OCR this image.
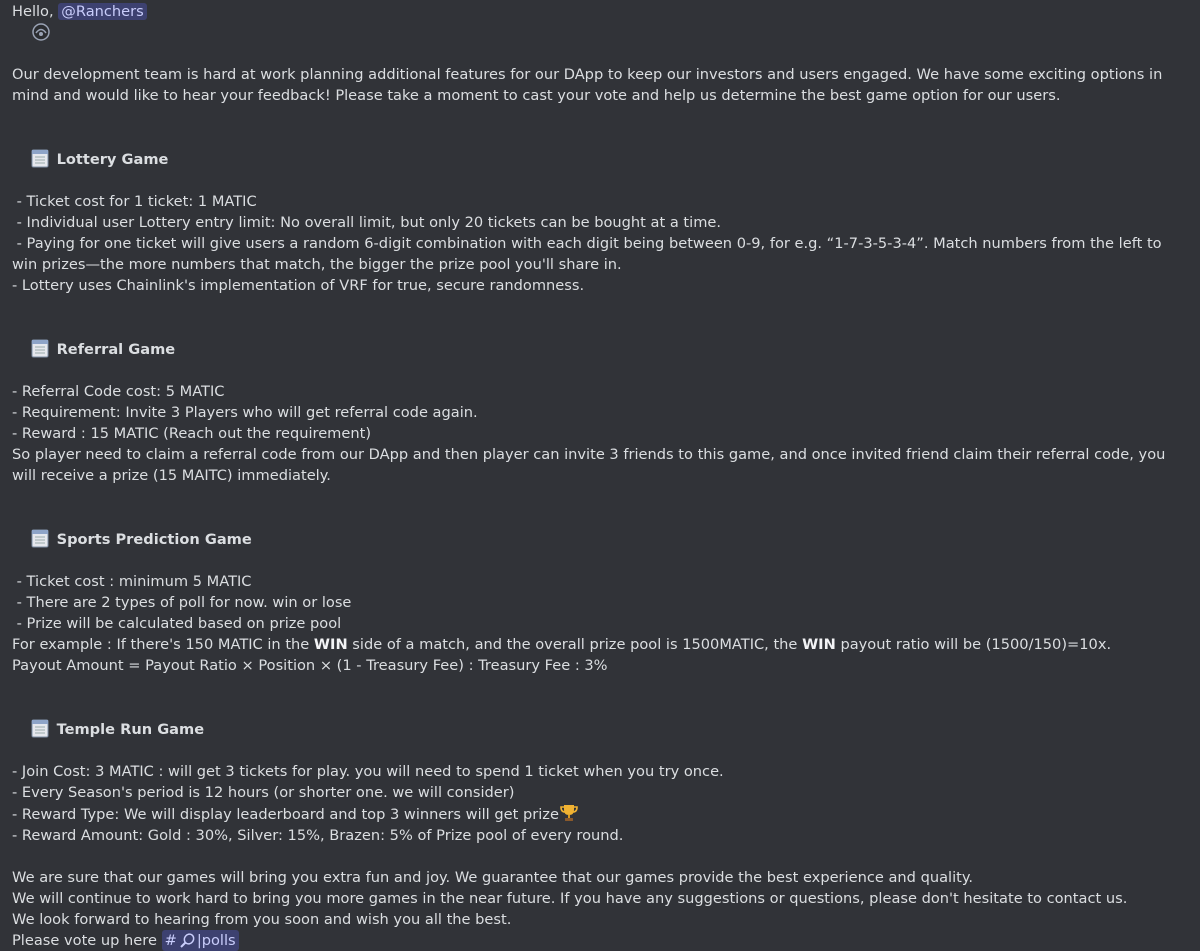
Hello, @Ranchers

Our development team is hard at work planning additional features for our DApp to keep our investors and users engaged. We have some exciting options in mind and would like to hear your feedback! Please take a moment to cast your vote and help us determine the best game option for our users.

Lottery Game

- Ticket cost for 1 ticket: 1 MATIC
- Individual user Lottery entry limit: No overall limit, but only 20 tickets can be bought at a time.
- Paying for one ticket will give users a random 6-digit combination with each digit being between 0-9, for e.g. “1-7-3-5-3-4”. Match numbers from the left to win prizes—the more numbers that match, the bigger the prize pool you'll share in.
- Lottery uses Chainlink's implementation of VRF for true, secure randomness.

Referral Game

- Referral Code cost: 5 MATIC
- Requirement: Invite 3 Players who will get referral code again.
- Reward : 15 MATIC (Reach out the requirement)
So player need to claim a referral code from our DApp and then player can invite 3 friends to this game, and once invited friend claim their referral code, you will receive a prize (15 MAITC) immediately.

Sports Prediction Game

- Ticket cost : minimum 5 MATIC
- There are 2 types of poll for now. win or lose
- Prize will be calculated based on prize pool
For example : If there's 150 MATIC in the WIN side of a match, and the overall prize pool is 1500MATIC, the WIN payout ratio will be (1500/150)=10x.
Payout Amount = Payout Ratio × Position × (1 - Treasury Fee) : Treasury Fee : 3%

Temple Run Game

- Join Cost: 3 MATIC : will get 3 tickets for play. you will need to spend 1 ticket when you try once.
- Every Season's period is 12 hours (or shorter one. we will consider)
- Reward Type: We will display leaderboard and top 3 winners will get prize
- Reward Amount: Gold : 30%, Silver: 15%, Brazen: 5% of Prize pool of every round.
We are sure that our games will bring you extra fun and joy. We guarantee that our games provide the best experience and quality.
We will continue to work hard to bring you more games in the near future. If you have any suggestions or questions, please don't hesitate to contact us.
We look forward to hearing from you soon and wish you all the best.
Please vote up here # |polls
